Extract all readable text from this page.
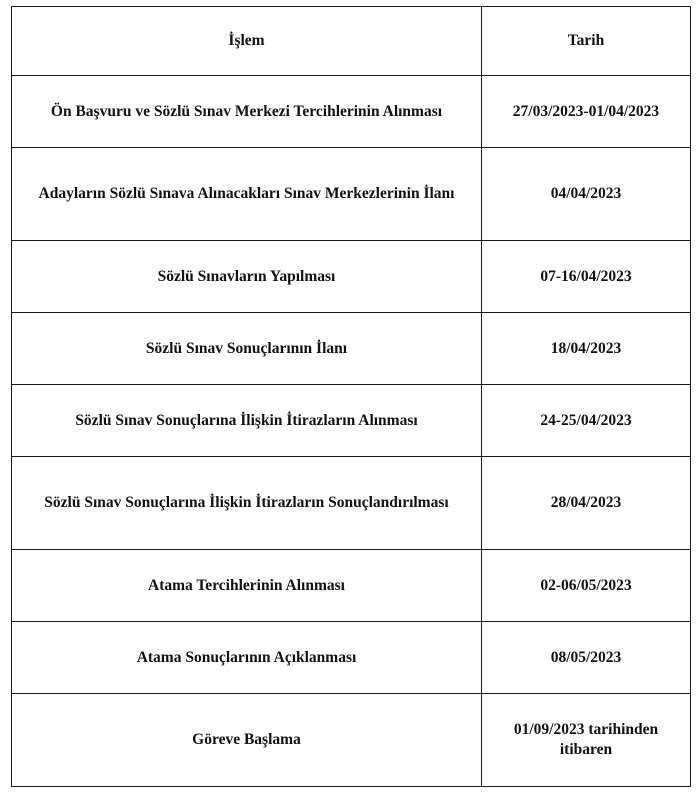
İşlem	Tarih
Ön Başvuru ve Sözlü Sınav Merkezi Tercihlerinin Alınması	27/03/2023-01/04/2023
Adayların Sözlü Sınava Alınacakları Sınav Merkezlerinin İlanı	04/04/2023
Sözlü Sınavların Yapılması	07-16/04/2023
Sözlü Sınav Sonuçlarının İlanı	18/04/2023
Sözlü Sınav Sonuçlarına İlişkin İtirazların Alınması	24-25/04/2023
Sözlü Sınav Sonuçlarına İlişkin İtirazların Sonuçlandırılması	28/04/2023
Atama Tercihlerinin Alınması	02-06/05/2023
Atama Sonuçlarının Açıklanması	08/05/2023
Göreve Başlama	01/09/2023 tarihinden itibaren
